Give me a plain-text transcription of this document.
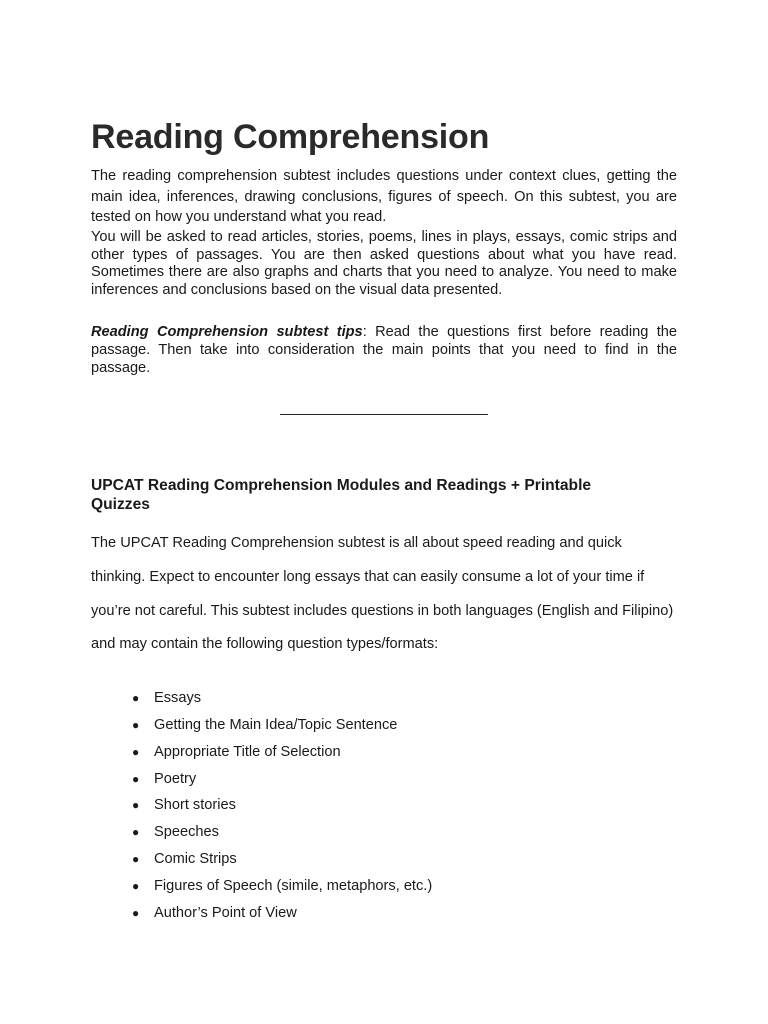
Reading Comprehension

The reading comprehension subtest includes questions under context clues, getting the main idea, inferences, drawing conclusions, figures of speech. On this subtest, you are tested on how you understand what you read.

You will be asked to read articles, stories, poems, lines in plays, essays, comic strips and other types of passages. You are then asked questions about what you have read. Sometimes there are also graphs and charts that you need to analyze. You need to make inferences and conclusions based on the visual data presented.

Reading Comprehension subtest tips: Read the questions first before reading the passage. Then take into consideration the main points that you need to find in the passage.

UPCAT Reading Comprehension Modules and Readings + Printable Quizzes

The UPCAT Reading Comprehension subtest is all about speed reading and quick thinking. Expect to encounter long essays that can easily consume a lot of your time if you’re not careful. This subtest includes questions in both languages (English and Filipino) and may contain the following question types/formats:

● Essays
● Getting the Main Idea/Topic Sentence
● Appropriate Title of Selection
● Poetry
● Short stories
● Speeches
● Comic Strips
● Figures of Speech (simile, metaphors, etc.)
● Author’s Point of View
